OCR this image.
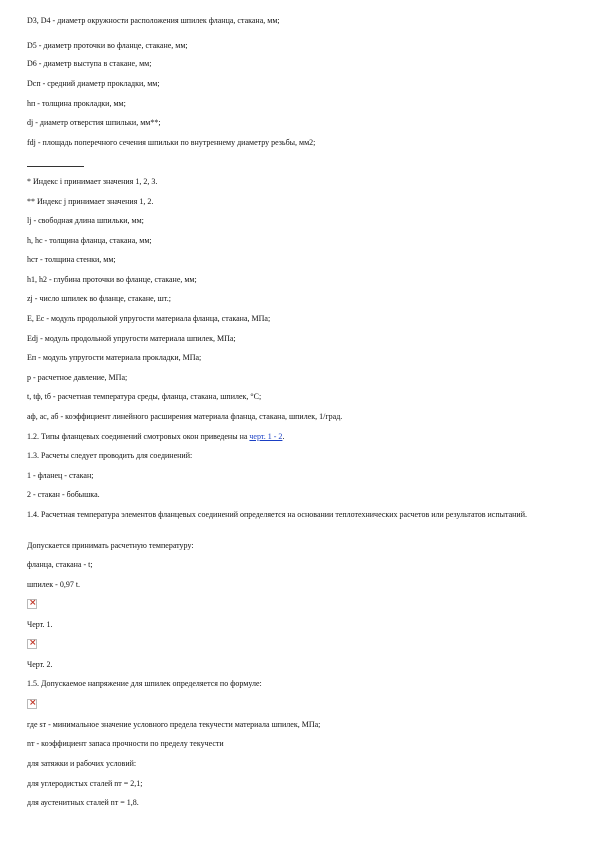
D3, D4 - диаметр окружности расположения шпилек фланца, стакана, мм;
D5 - диаметр проточки во фланце, стакане, мм;
D6 - диаметр выступа в стакане, мм;
Dсп - средний диаметр прокладки, мм;
hп - толщина прокладки, мм;
dj - диаметр отверстия шпильки, мм**;
fdj - площадь поперечного сечения шпильки по внутреннему диаметру резьбы, мм2;
* Индекс i принимает значения 1, 2, 3.
** Индекс j принимает значения 1, 2.
lj - свободная длина шпильки, мм;
h, hс - толщина фланца, стакана, мм;
hст - толщина стенки, мм;
h1, h2 - глубина проточки во фланце, стакане, мм;
zj - число шпилек во фланце, стакане, шт.;
E, Eс - модуль продольной упругости материала фланца, стакана, МПа;
Edj - модуль продольной упругости материала шпилек, МПа;
Eп - модуль упругости материала прокладки, МПа;
p - расчетное давление, МПа;
t, tф, tб - расчетная температура среды, фланца, стакана, шпилек, °С;
aф, aс, aб - коэффициент линейного расширения материала фланца, стакана, шпилек, 1/град.
1.2. Типы фланцевых соединений смотровых окон приведены на черт. 1 - 2.
1.3. Расчеты следует проводить для соединений:
1 - фланец - стакан;
2 - стакан - бобышка.
1.4. Расчетная температура элементов фланцевых соединений определяется на основании теплотехнических расчетов или результатов испытаний.
Допускается принимать расчетную температуру:
фланца, стакана - t;
шпилек - 0,97 t.
×
Черт. 1.
×
Черт. 2.
1.5. Допускаемое напряжение для шпилек определяется по формуле:
×
где sт - минимальное значение условного предела текучести материала шпилек, МПа;
nт - коэффициент запаса прочности по пределу текучести
для затяжки и рабочих условий:
для углеродистых сталей nт = 2,1;
для аустенитных сталей nт = 1,8.
